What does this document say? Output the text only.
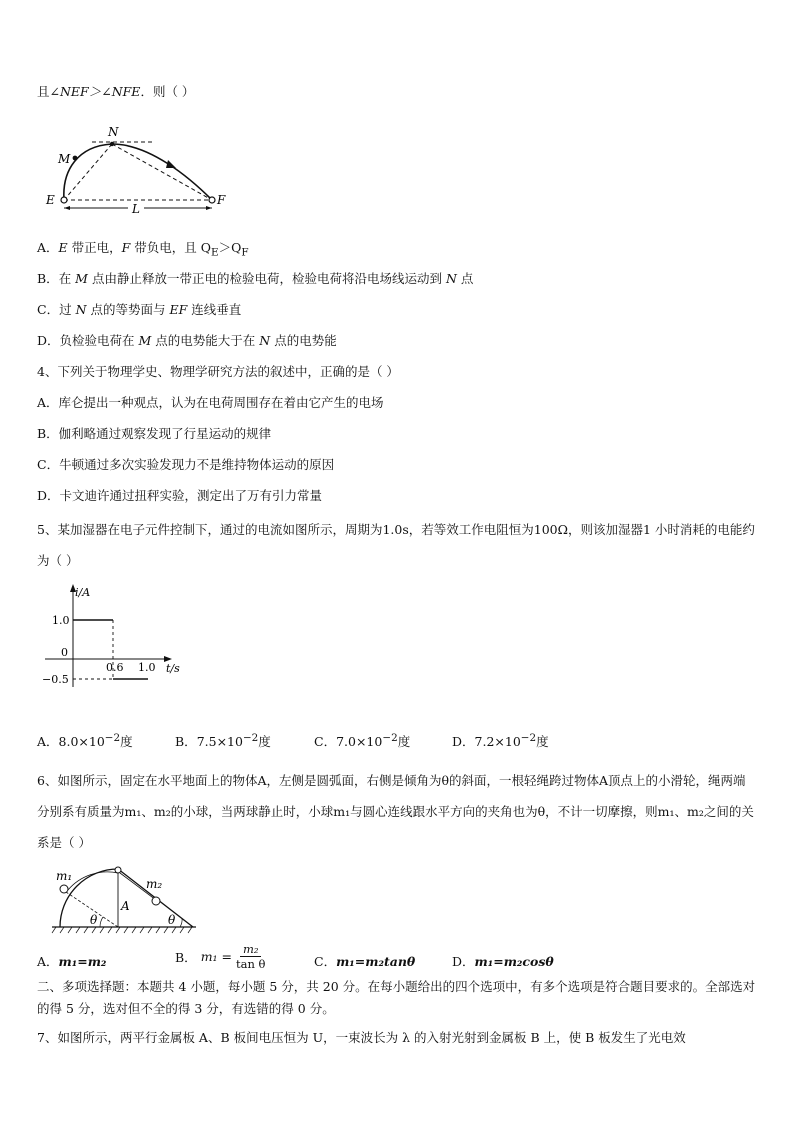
且∠NEF＞∠NFE．则（ ）
L
N
M
E	F
A．E 带正电，F 带负电，且 $Q_E>Q_F$
B．在 M 点由静止释放一带正电的检验电荷，检验电荷将沿电场线运动到 N 点
C．过 N 点的等势面与 EF 连线垂直
D．负检验电荷在 M 点的电势能大于在 N 点的电势能
4、下列关于物理学史、物理学研究方法的叙述中，正确的是（ ）
A．库仑提出一种观点，认为在电荷周围存在着由它产生的电场
B．伽利略通过观察发现了行星运动的规律
C．牛顿通过多次实验发现力不是维持物体运动的原因
D．卡文迪许通过扭秤实验，测定出了万有引力常量
5、某加湿器在电子元件控制下，通过的电流如图所示，周期为1.0s，若等效工作电阻恒为100Ω，则该加湿器1 小时消耗的电能约为（ ）
i/A
1.0
0
−0.5
0.6 1.0 t/s
A．$8.0\times 10^{-2}$度	B．$7.5\times 10^{-2}$度	C．$7.0\times 10^{-2}$度	D．$7.2\times 10^{-2}$度
6、如图所示，固定在水平地面上的物体A，左侧是圆弧面，右侧是倾角为θ的斜面，一根轻绳跨过物体A顶点上的小滑轮，绳两端分别系有质量为m₁、m₂的小球，当两球静止时，小球m₁与圆心连线跟水平方向的夹角也为θ，不计一切摩擦，则m₁、m₂之间的关系是（ ）
m₁
m₂
A
θ	θ
A．m₁=m₂	B． $m_1 = \frac{\text{m₂}}{\text{tan θ}}$	C．m₁=m₂tanθ	D．m₁=m₂cosθ
二、多项选择题：本题共 4 小题，每小题 5 分，共 20 分。在每小题给出的四个选项中，有多个选项是符合题目要求的。全部选对的得 5 分，选对但不全的得 3 分，有选错的得 0 分。
7、如图所示，两平行金属板 A、B 板间电压恒为 U，一束波长为 λ 的入射光射到金属板 B 上，使 B 板发生了光电效
